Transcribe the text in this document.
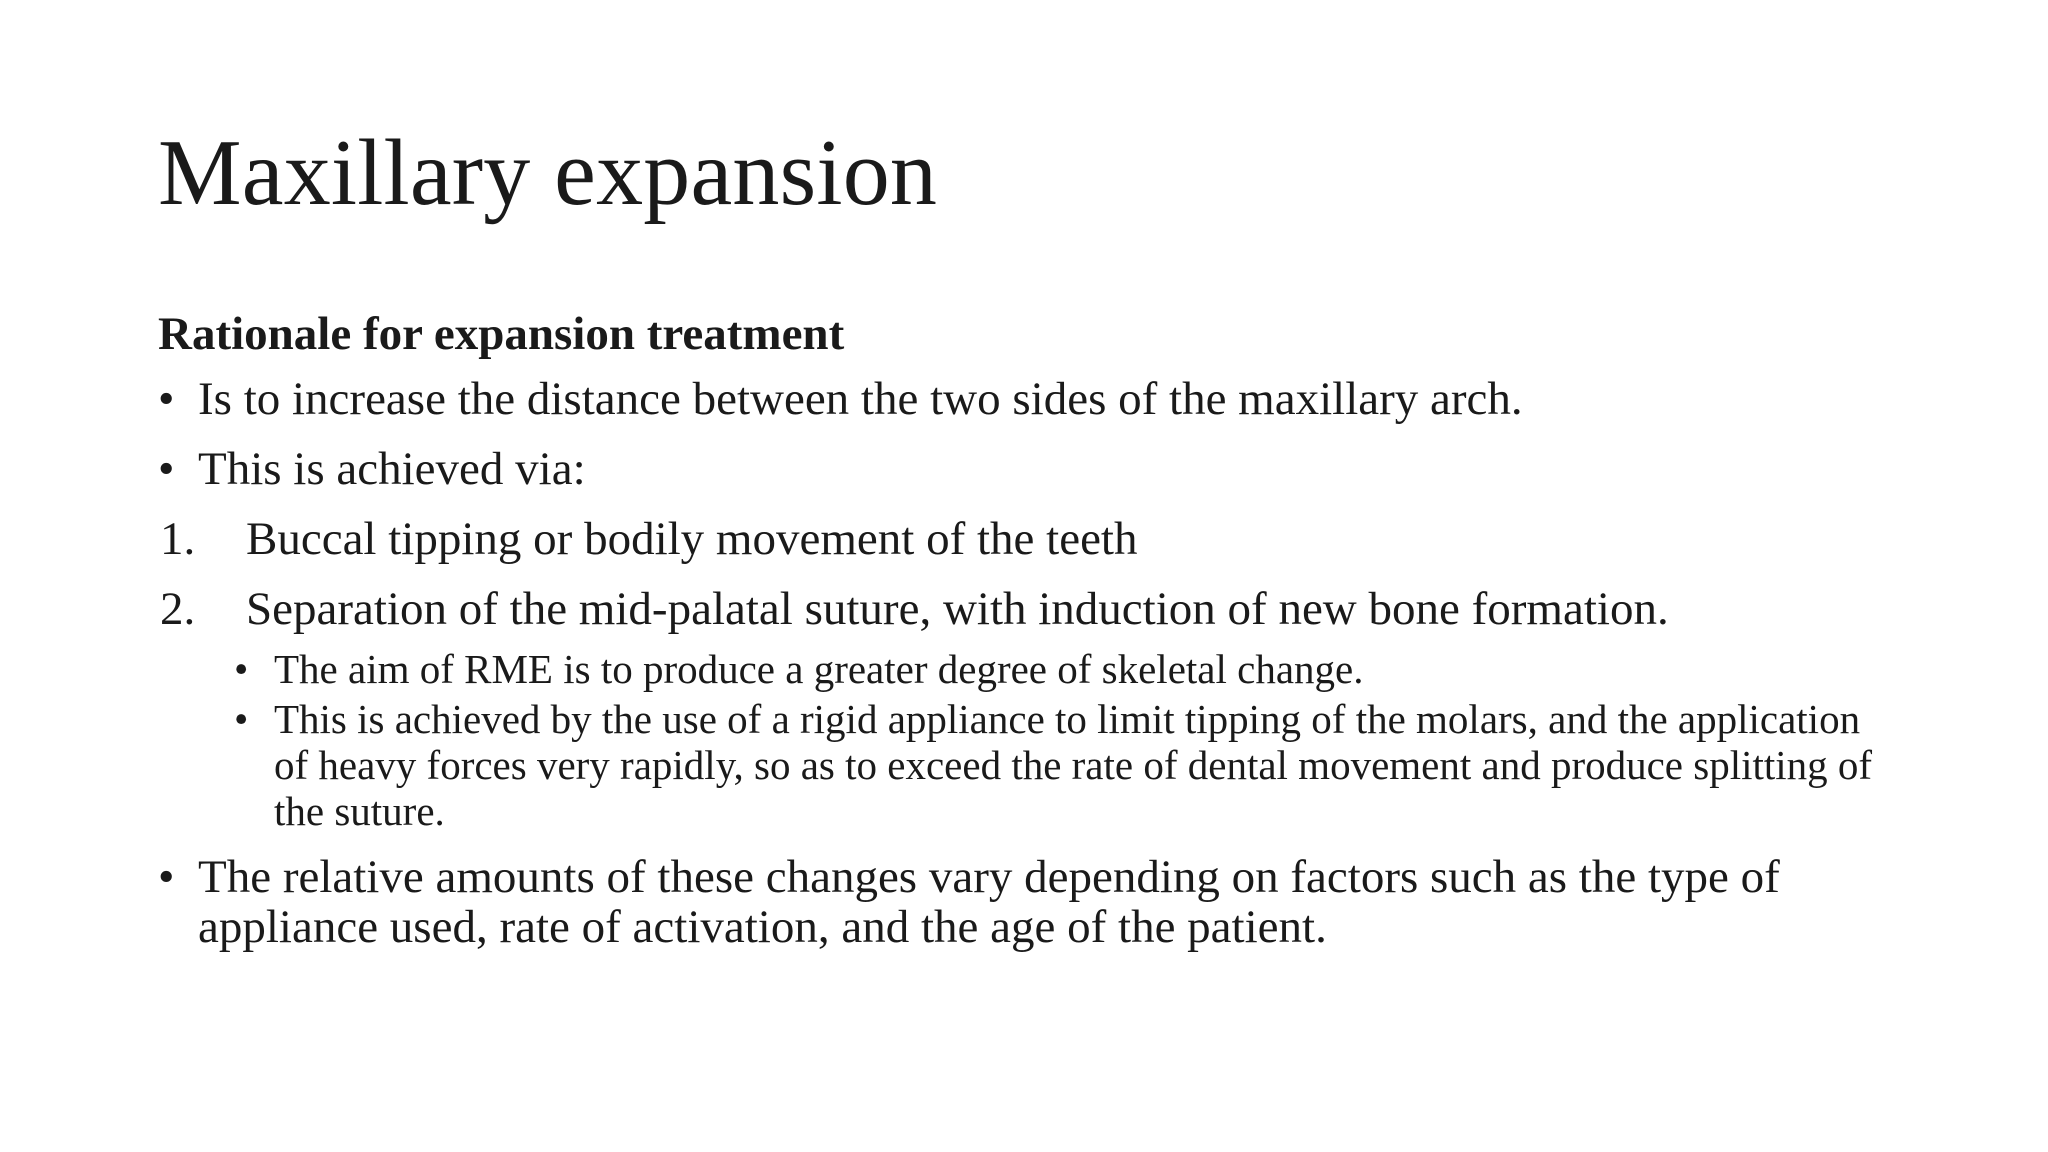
Maxillary expansion
Rationale for expansion treatment
• Is to increase the distance between the two sides of the maxillary arch.
• This is achieved via:
1. Buccal tipping or bodily movement of the teeth
2. Separation of the mid-palatal suture, with induction of new bone formation.
• The aim of RME is to produce a greater degree of skeletal change.
• This is achieved by the use of a rigid appliance to limit tipping of the molars, and the application of heavy forces very rapidly, so as to exceed the rate of dental movement and produce splitting of the suture.
• The relative amounts of these changes vary depending on factors such as the type of appliance used, rate of activation, and the age of the patient.
